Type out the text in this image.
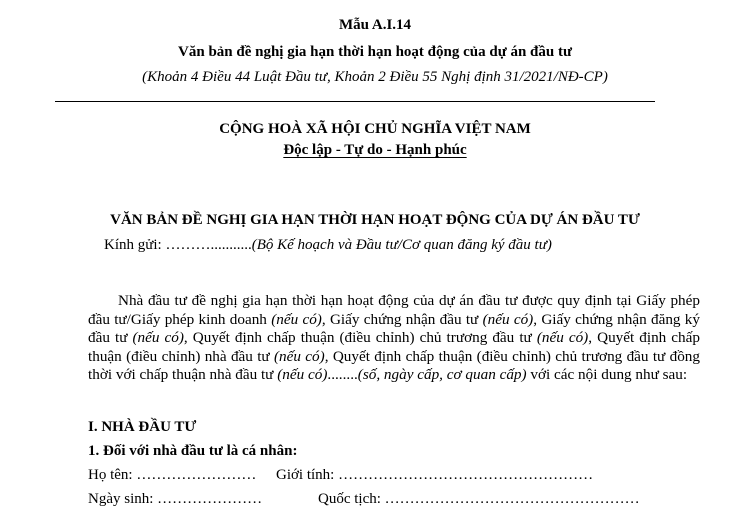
Mẫu A.I.14
Văn bản đề nghị gia hạn thời hạn hoạt động của dự án đầu tư
(Khoản 4 Điều 44 Luật Đầu tư, Khoản 2 Điều 55 Nghị định 31/2021/NĐ-CP)
CỘNG HOÀ XÃ HỘI CHỦ NGHĨA VIỆT NAM
Độc lập - Tự do - Hạnh phúc
VĂN BẢN ĐỀ NGHỊ GIA HẠN THỜI HẠN HOẠT ĐỘNG CỦA DỰ ÁN ĐẦU TƯ
Kính gửi: ………...........(Bộ Kế hoạch và Đầu tư/Cơ quan đăng ký đầu tư)
Nhà đầu tư đề nghị gia hạn thời hạn hoạt động của dự án đầu tư được quy định tại Giấy phép đầu tư/Giấy phép kinh doanh (nếu có), Giấy chứng nhận đầu tư (nếu có), Giấy chứng nhận đăng ký đầu tư (nếu có), Quyết định chấp thuận (điều chỉnh) chủ trương đầu tư (nếu có), Quyết định chấp thuận (điều chỉnh) nhà đầu tư (nếu có), Quyết định chấp thuận (điều chỉnh) chủ trương đầu tư đồng thời với chấp thuận nhà đầu tư (nếu có)........(số, ngày cấp, cơ quan cấp) với các nội dung như sau:
I. NHÀ ĐẦU TƯ
1. Đối với nhà đầu tư là cá nhân:
Họ tên: …………………… Giới tính: ……………………………………………
Ngày sinh: …………………	Quốc tịch: ……………………………………………
